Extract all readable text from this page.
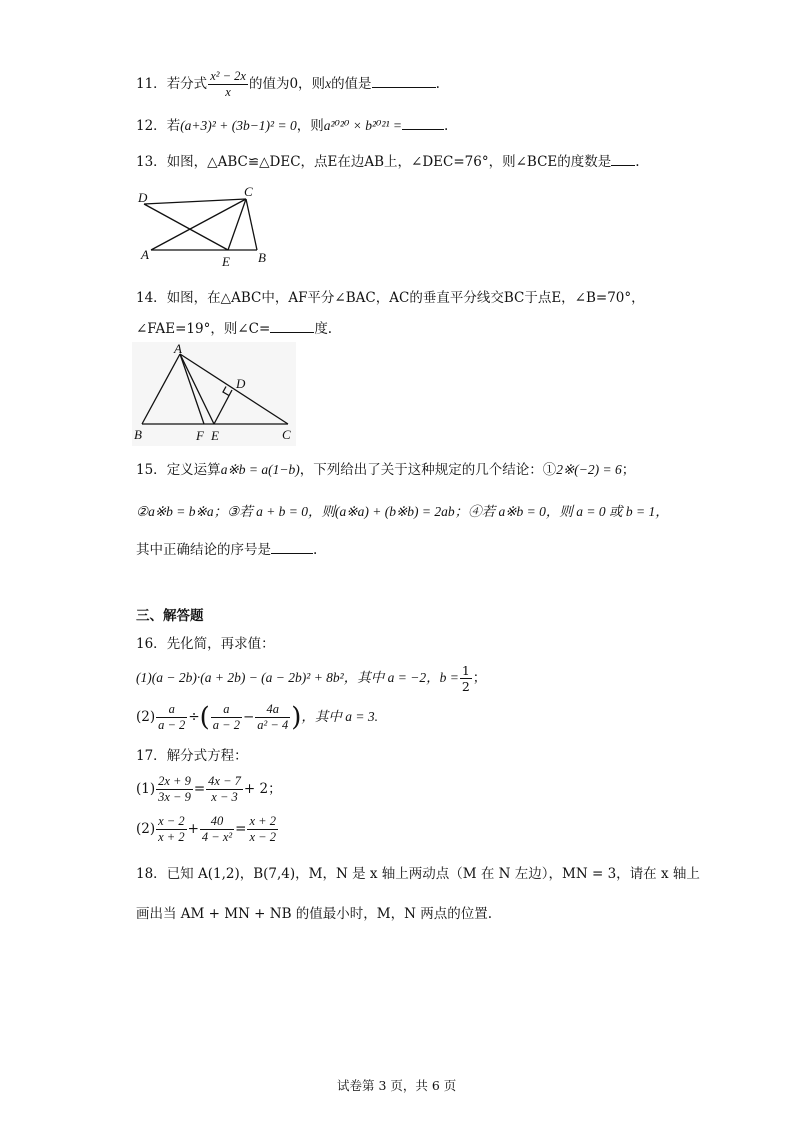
11．若分式 $\frac{\text{x² − 2x}}{x}$ 的值为0，则x的值是	.
12．若(a+3)² + (3b−1)² = 0，则a²⁰²⁰ × b²⁰²¹ =	.
13．如图，△ABC≌△DEC，点E在边AB上，∠DEC=76°，则∠BCE的度数是 .
D	C
A	E B
14．如图，在△ABC中，AF平分∠BAC，AC的垂直平分线交BC于点E，∠B=70°，
∠FAE=19°，则∠C=	度.
A
D
B	F E	C
15．定义运算a※b = a(1−b)，下列给出了关于这种规定的几个结论：①2※(−2) = 6；
②a※b = b※a；③若 a + b = 0，则(a※a) + (b※b) = 2ab；④若 a※b = 0，则 a = 0 或 b = 1，
其中正确结论的序号是	.
三、解答题
16．先化简，再求值：
(1)(a − 2b)·(a + 2b) − (a − 2b)² + 8b²，其中 a = −2，$b = \frac{1}{2}$ ；
$(2) \frac{a}{a - 2}$ ÷( $\frac{a}{a - 2} - \frac{4a}{\text{a² − 4}}$ )，其中 a = 3.
17．解分式方程：
$(1) \frac{2x + 9}{3x - 9} = \frac{4x - 7}{x - 3} + 2$；
$(2) \frac{x - 2}{x + 2} + \frac{40}{\text{4 − x²}} = \frac{x + 2}{x - 2}$
18．已知 A(1,2)，B(7,4)，M，N 是 x 轴上两动点（M 在 N 左边），MN = 3，请在 x 轴上
画出当 AM + MN + NB 的值最小时，M，N 两点的位置.
试卷第 3 页，共 6 页
